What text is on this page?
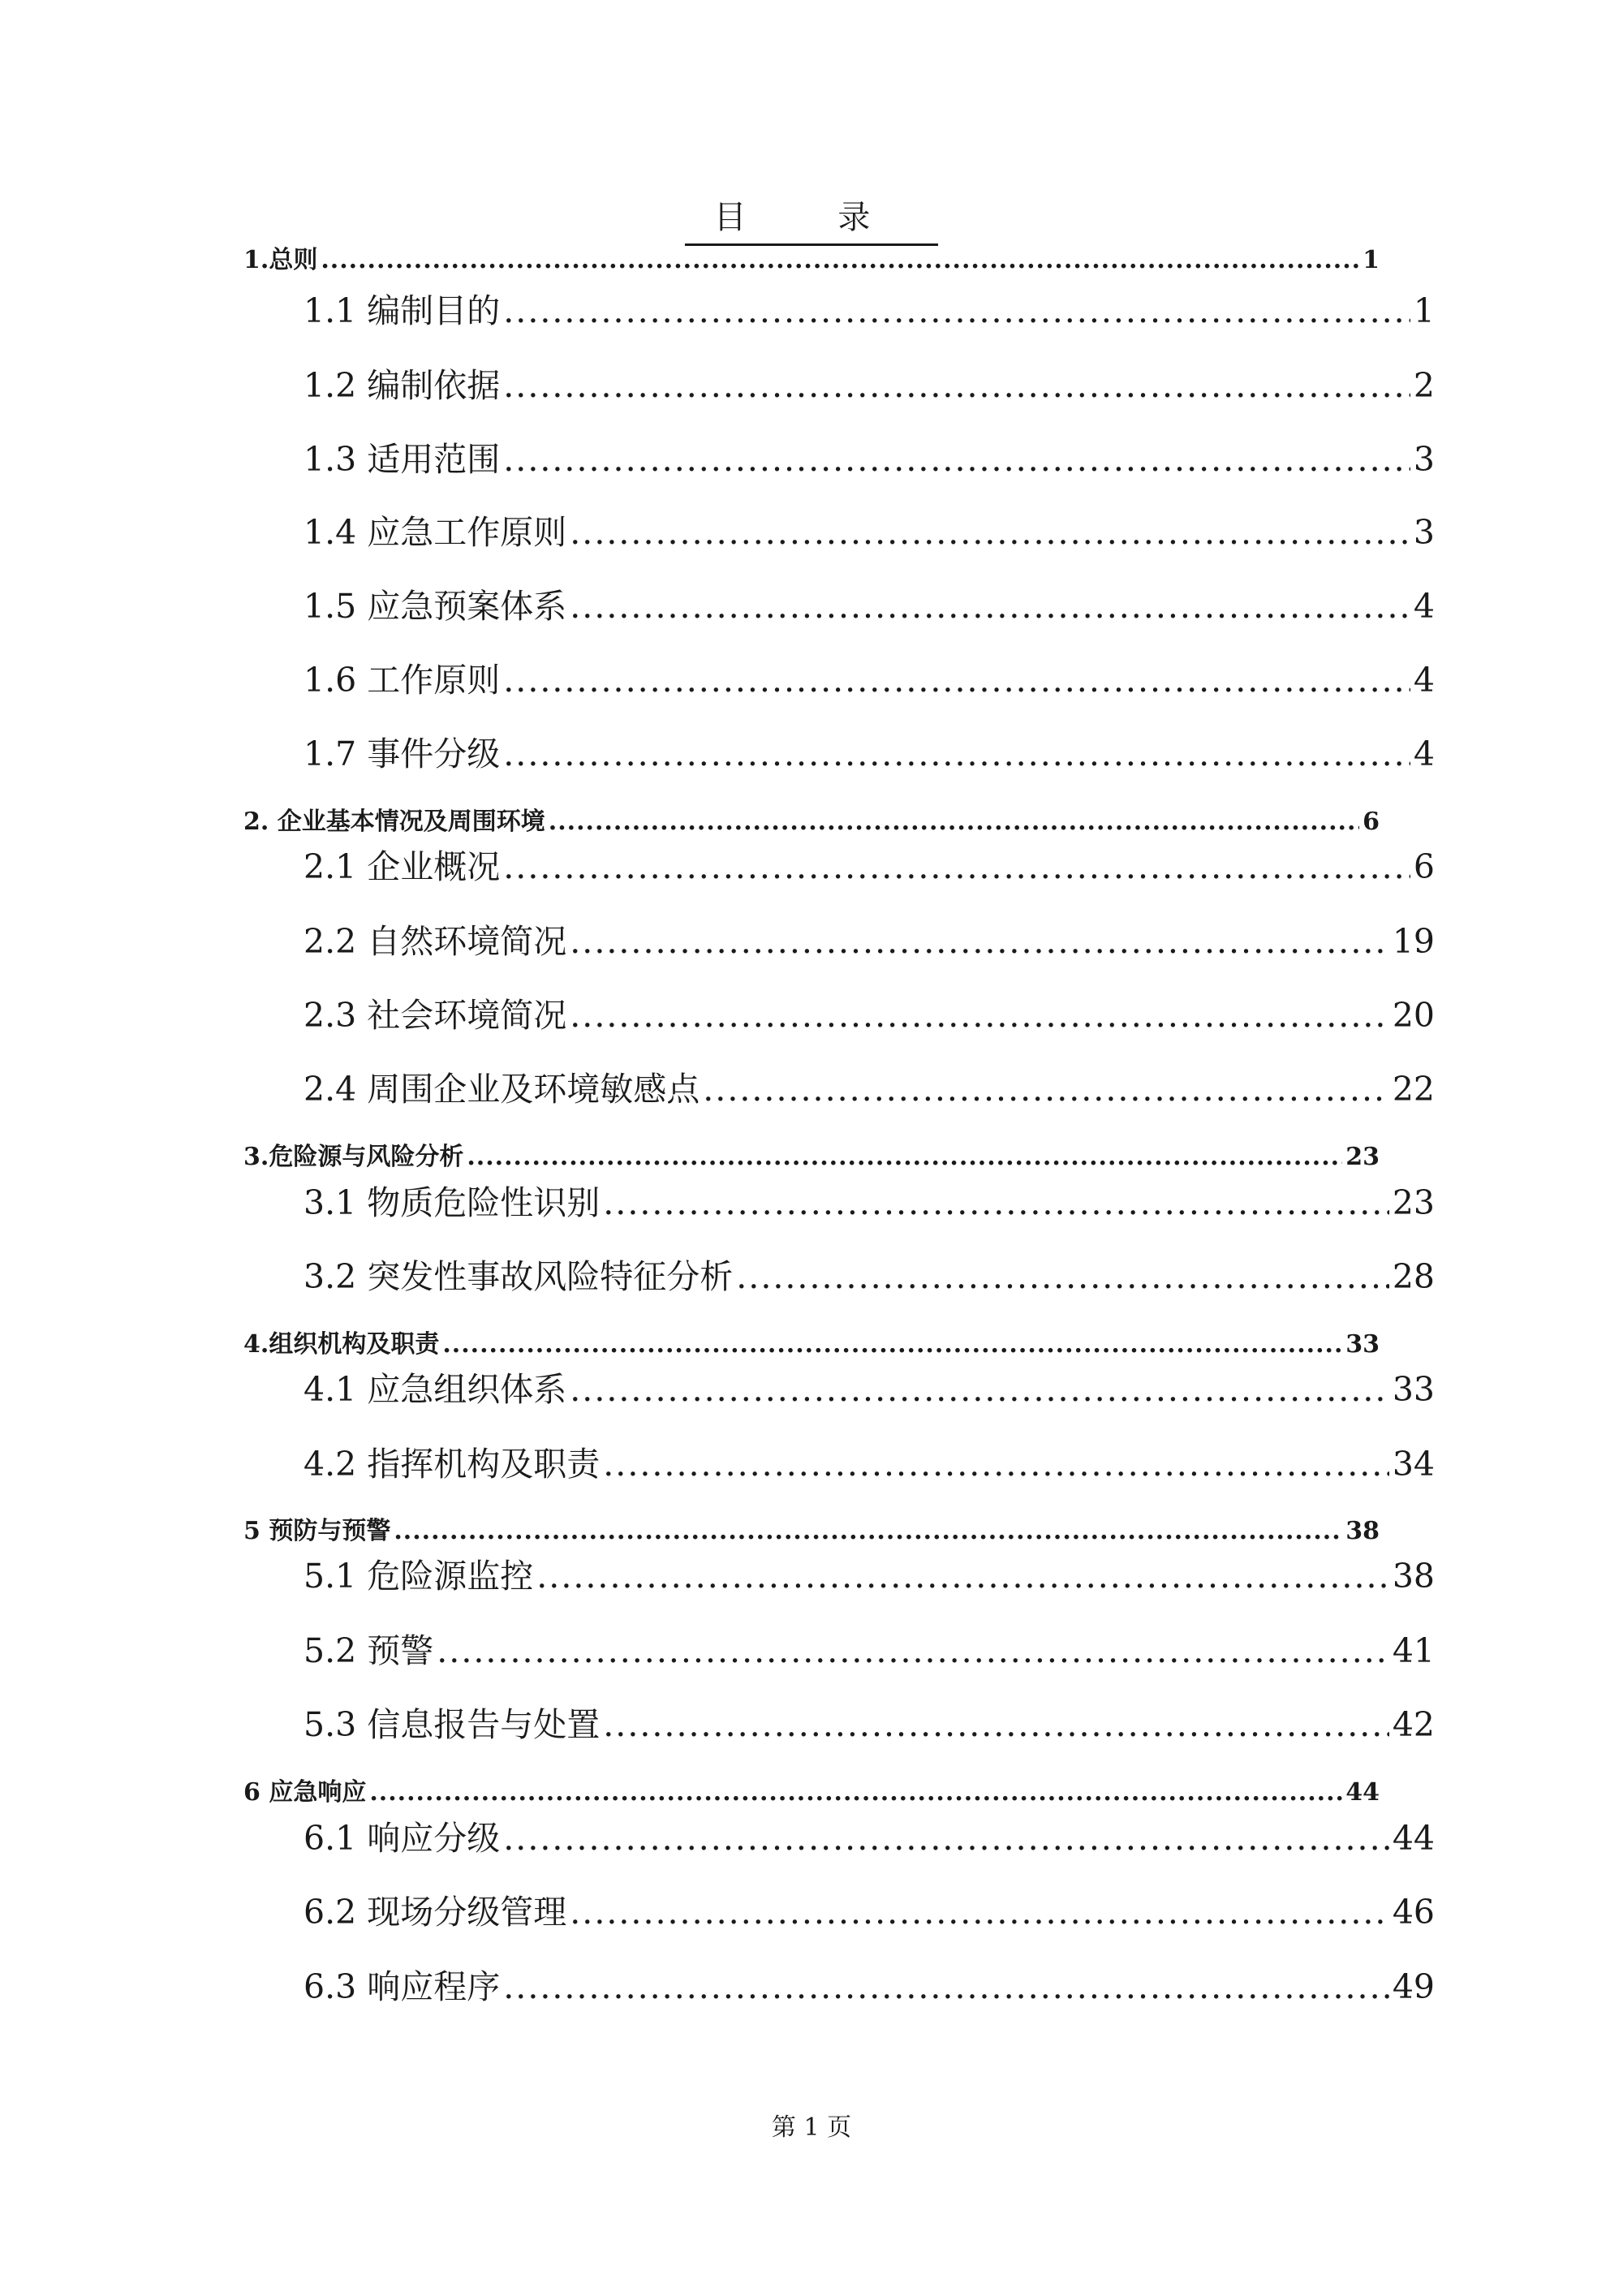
目 录
1.总则 .....	1
1.1 编制目的 .....	1
1.2 编制依据 .....	2
1.3 适用范围 .....	3
1.4 应急工作原则 .....	3
1.5 应急预案体系 .....	4
1.6 工作原则 .....	4
1.7 事件分级 .....	4
2. 企业基本情况及周围环境 .....	6
2.1 企业概况 .....	6
2.2 自然环境简况 .....	19
2.3 社会环境简况 .....	20
2.4 周围企业及环境敏感点 .....	22
3.危险源与风险分析 .....	23
3.1 物质危险性识别 .....	23
3.2 突发性事故风险特征分析 .....	28
4.组织机构及职责 .....	33
4.1 应急组织体系 .....	33
4.2 指挥机构及职责 .....	34
5 预防与预警 .....	38
5.1 危险源监控 .....	38
5.2 预警 .....	41
5.3 信息报告与处置 .....	42
6 应急响应 .....	44
6.1 响应分级 .....	44
6.2 现场分级管理 .....	46
6.3 响应程序 .....	49
第 1 页
